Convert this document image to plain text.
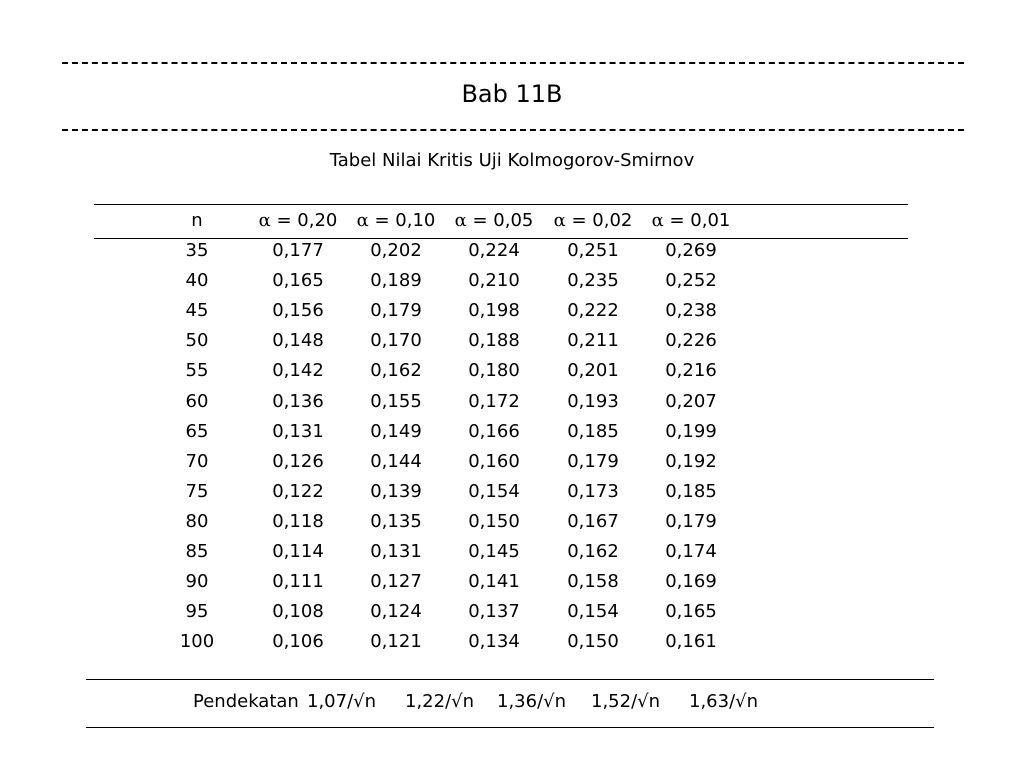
Bab 11B
Tabel Nilai Kritis Uji Kolmogorov-Smirnov
n	α = 0,20	α = 0,10	α = 0,05	α = 0,02	α = 0,01
35	0,177	0,202	0,224	0,251	0,269
40	0,165	0,189	0,210	0,235	0,252
45	0,156	0,179	0,198	0,222	0,238
50	0,148	0,170	0,188	0,211	0,226
55	0,142	0,162	0,180	0,201	0,216
60	0,136	0,155	0,172	0,193	0,207
65	0,131	0,149	0,166	0,185	0,199
70	0,126	0,144	0,160	0,179	0,192
75	0,122	0,139	0,154	0,173	0,185
80	0,118	0,135	0,150	0,167	0,179
85	0,114	0,131	0,145	0,162	0,174
90	0,111	0,127	0,141	0,158	0,169
95	0,108	0,124	0,137	0,154	0,165
100	0,106	0,121	0,134	0,150	0,161
Pendekatan 1,07/√n 1,22/√n 1,36/√n 1,52/√n 1,63/√n
